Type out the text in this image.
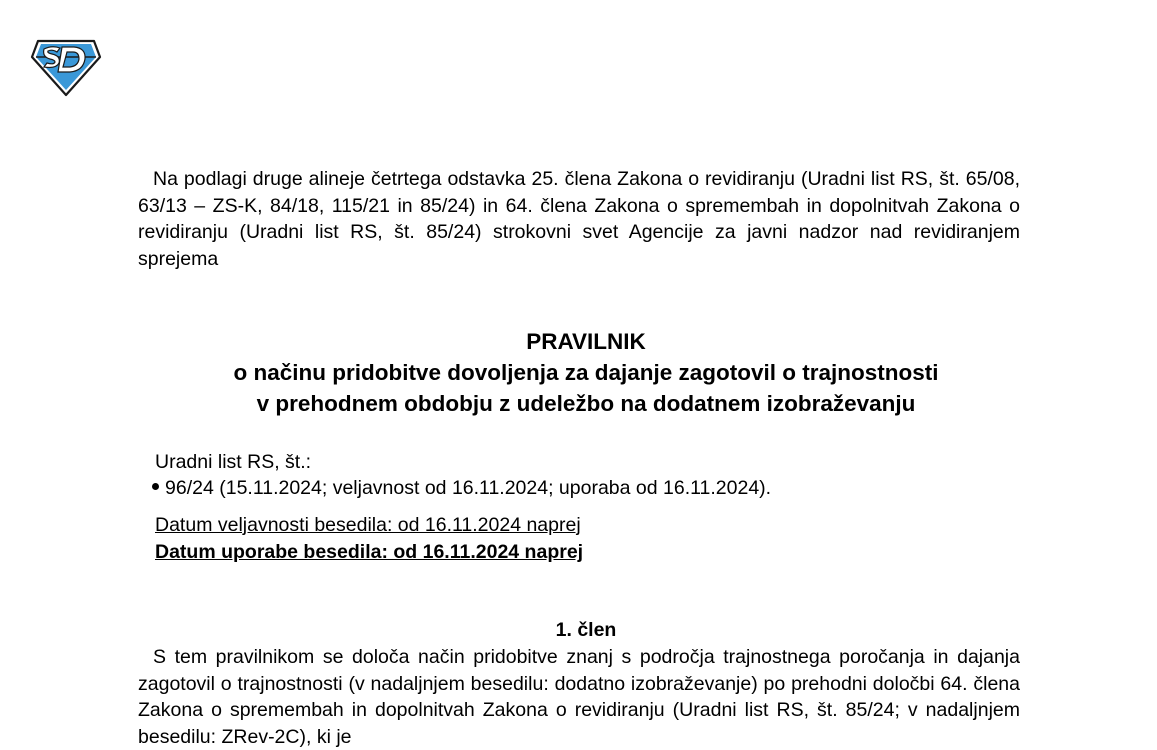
Na podlagi druge alineje četrtega odstavka 25. člena Zakona o revidiranju (Uradni list RS, št. 65/08, 63/13 – ZS-K, 84/18, 115/21 in 85/24) in 64. člena Zakona o spremembah in dopolnitvah Zakona o revidiranju (Uradni list RS, št. 85/24) strokovni svet Agencije za javni nadzor nad revidiranjem sprejema
PRAVILNIK
o načinu pridobitve dovoljenja za dajanje zagotovil o trajnostnosti
v prehodnem obdobju z udeležbo na dodatnem izobraževanju
Uradni list RS, št.:
96/24 (15.11.2024; veljavnost od 16.11.2024; uporaba od 16.11.2024).
Datum veljavnosti besedila: od 16.11.2024 naprej
Datum uporabe besedila: od 16.11.2024 naprej
1. člen
S tem pravilnikom se določa način pridobitve znanj s področja trajnostnega poročanja in dajanja zagotovil o trajnostnosti (v nadaljnjem besedilu: dodatno izobraževanje) po prehodni določbi 64. člena Zakona o spremembah in dopolnitvah Zakona o revidiranju (Uradni list RS, št. 85/24; v nadaljnjem besedilu: ZRev-2C), ki je
